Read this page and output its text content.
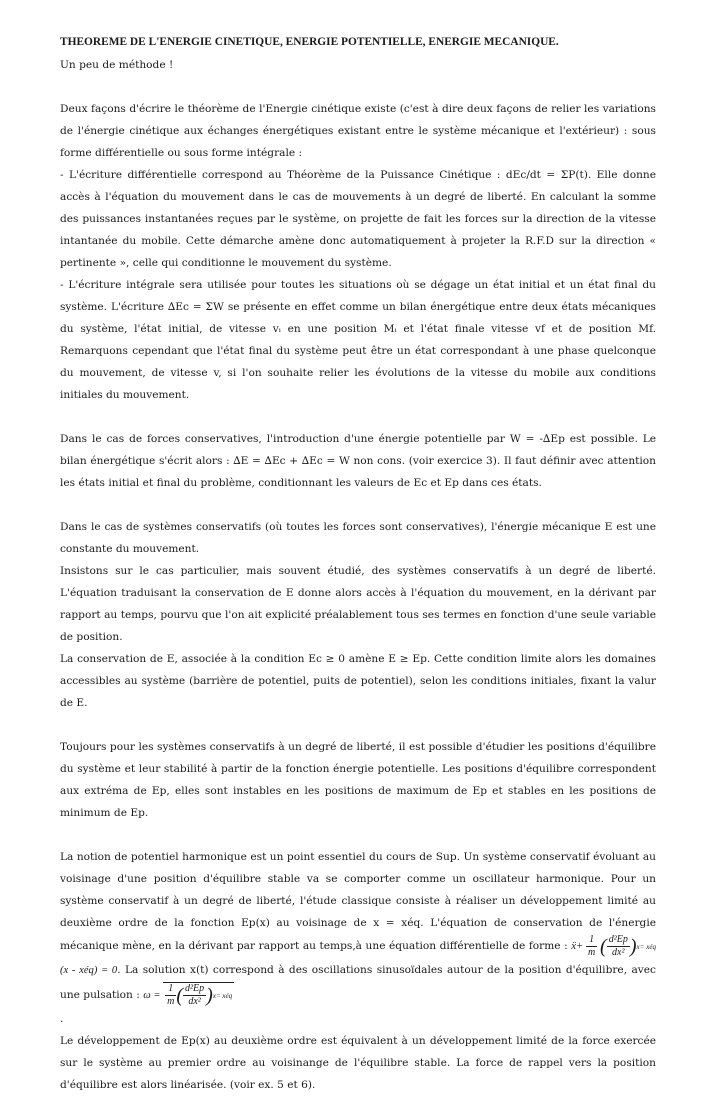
THEOREME DE L'ENERGIE CINETIQUE, ENERGIE POTENTIELLE, ENERGIE MECANIQUE.
Un peu de méthode !

Deux façons d'écrire le théorème de l'Energie cinétique existe (c'est à dire deux façons de relier les variations de l'énergie cinétique aux échanges énergétiques existant entre le système mécanique et l'extérieur) : sous forme différentielle ou sous forme intégrale :

- L'écriture différentielle correspond au Théorème de la Puissance Cinétique : dEc/dt = ΣP(t). Elle donne accès à l'équation du mouvement dans le cas de mouvements à un degré de liberté. En calculant la somme des puissances instantanées reçues par le système, on projette de fait les forces sur la direction de la vitesse intantanée du mobile. Cette démarche amène donc automatiquement à projeter la R.F.D sur la direction « pertinente », celle qui conditionne le mouvement du système.

- L'écriture intégrale sera utilisée pour toutes les situations où se dégage un état initial et un état final du système. L'écriture ∆Ec = ΣW se présente en effet comme un bilan énergétique entre deux états mécaniques du système, l'état initial, de vitesse vᵢ en une position Mᵢ et l'état finale vitesse vf et de position Mf. Remarquons cependant que l'état final du système peut être un état correspondant à une phase quelconque du mouvement, de vitesse v, si l'on souhaite relier les évolutions de la vitesse du mobile aux conditions initiales du mouvement.

Dans le cas de forces conservatives, l'introduction d'une énergie potentielle par W = -∆Ep est possible. Le bilan énergétique s'écrit alors : ∆E = ∆Ec + ∆Ec = W non cons. (voir exercice 3). Il faut définir avec attention les états initial et final du problème, conditionnant les valeurs de Ec et Ep dans ces états.

Dans le cas de systèmes conservatifs (où toutes les forces sont conservatives), l'énergie mécanique E est une constante du mouvement.

Insistons sur le cas particulier, mais souvent étudié, des systèmes conservatifs à un degré de liberté. L'équation traduisant la conservation de E donne alors accès à l'équation du mouvement, en la dérivant par rapport au temps, pourvu que l'on ait explicité préalablement tous ses termes en fonction d'une seule variable de position.

La conservation de E, associée à la condition Ec ≥ 0 amène E ≥ Ep. Cette condition limite alors les domaines accessibles au système (barrière de potentiel, puits de potentiel), selon les conditions initiales, fixant la valur de E.

Toujours pour les systèmes conservatifs à un degré de liberté, il est possible d'étudier les positions d'équilibre du système et leur stabilité à partir de la fonction énergie potentielle. Les positions d'équilibre correspondent aux extréma de Ep, elles sont instables en les positions de maximum de Ep et stables en les positions de minimum de Ep.

La notion de potentiel harmonique est un point essentiel du cours de Sup. Un système conservatif évoluant au voisinage d'une position d'équilibre stable va se comporter comme un oscillateur harmonique. Pour un système conservatif à un degré de liberté, l'étude classique consiste à réaliser un développement limité au deuxième ordre de la fonction Ep(x) au voisinage de x = xéq. L'équation de conservation de l'énergie mécanique mène, en la dérivant par rapport au temps,à une équation différentielle de forme : ẍ+ $\frac{1}{m}$ ( $\frac{\text{d²Ep}}{\text{dx²}} )x=$ xéq (x - xéq) = 0. La solution x(t) correspond à des oscillations sinusoïdales autour de la position d'équilibre, avec une pulsation : $\omega = \frac{1}{m}$ ( $\frac{\text{d²Ep}}{\text{dx²}} )x=$ xéq

.

Le développement de Ep(x) au deuxième ordre est équivalent à un développement limité de la force exercée sur le système au premier ordre au voisinange de l'équilibre stable. La force de rappel vers la position d'équilibre est alors linéarisée. (voir ex. 5 et 6).
